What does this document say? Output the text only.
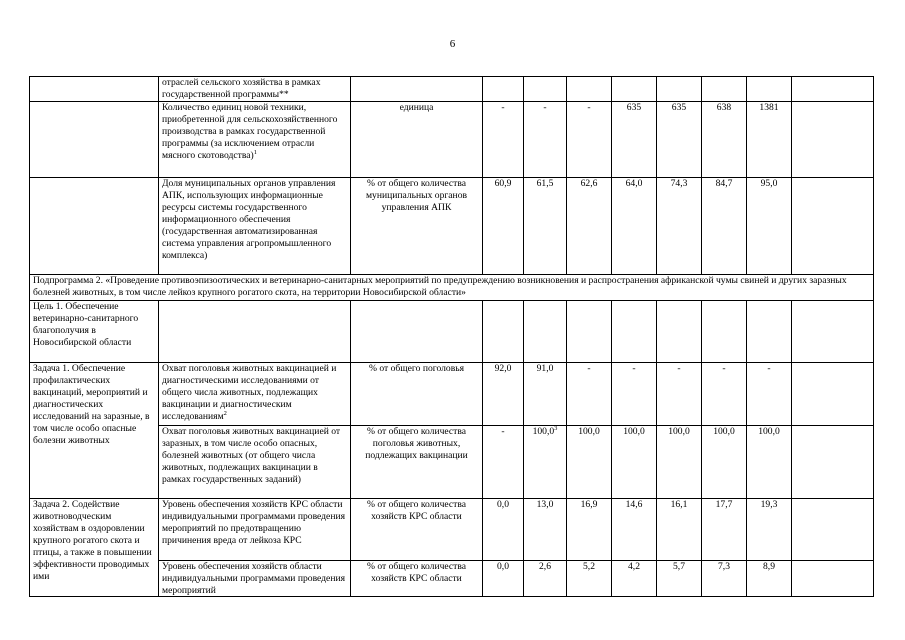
6
	отраслей сельского хозяйства в рамках государственной программы**									
	Количество единиц новой техники, приобретенной для сельскохозяйственного производства в рамках государственной программы (за исключением отрасли мясного скотоводства)$^1$	единица	-	-	-	635	635	638	1381	
	Доля муниципальных органов управления АПК, использующих информационные ресурсы системы государственного информационного обеспечения (государственная автоматизированная система управления агропромышленного комплекса)	% от общего количества муниципальных органов управления АПК	60,9	61,5	62,6	64,0	74,3	84,7	95,0	
Подпрограмма 2. «Проведение противоэпизоотических и ветеринарно-санитарных мероприятий по предупреждению возникновения и распространения африканской чумы свиней и других заразных болезней животных, в том числе лейкоз крупного рогатого скота, на территории Новосибирской области»										
Цель 1. Обеспечение ветеринарно-санитарного благополучия в Новосибирской области										
Задача 1. Обеспечение профилактических вакцинаций, мероприятий и диагностических исследований на заразные, в том числе особо опасные болезни животных	Охват поголовья животных вакцинацией и диагностическими исследованиями от общего числа животных, подлежащих вакцинации и диагностическим исследованиям$^2$	% от общего поголовья	92,0	91,0	-	-	-	-	-	
	Охват поголовья животных вакцинацией от заразных, в том числе особо опасных, болезней животных (от общего числа животных, подлежащих вакцинации в рамках государственных заданий)	% от общего количества поголовья животных, подлежащих вакцинации	-	100,0$^3$	100,0	100,0	100,0	100,0	100,0	

Задача 2. Содействие животноводческим хозяйствам в оздоровлении крупного рогатого скота и птицы, а также в повышении эффективности проводимых ими	Уровень обеспечения хозяйств КРС области индивидуальными программами проведения мероприятий по предотвращению причинения вреда от лейкоза КРС	% от общего количества хозяйств КРС области	0,0	13,0	16,9	14,6	16,1	17,7	19,3	

	Уровень обеспечения хозяйств области индивидуальными программами проведения мероприятий	% от общего количества хозяйств КРС области	0,0	2,6	5,2	4,2	5,7	7,3	8,9	
